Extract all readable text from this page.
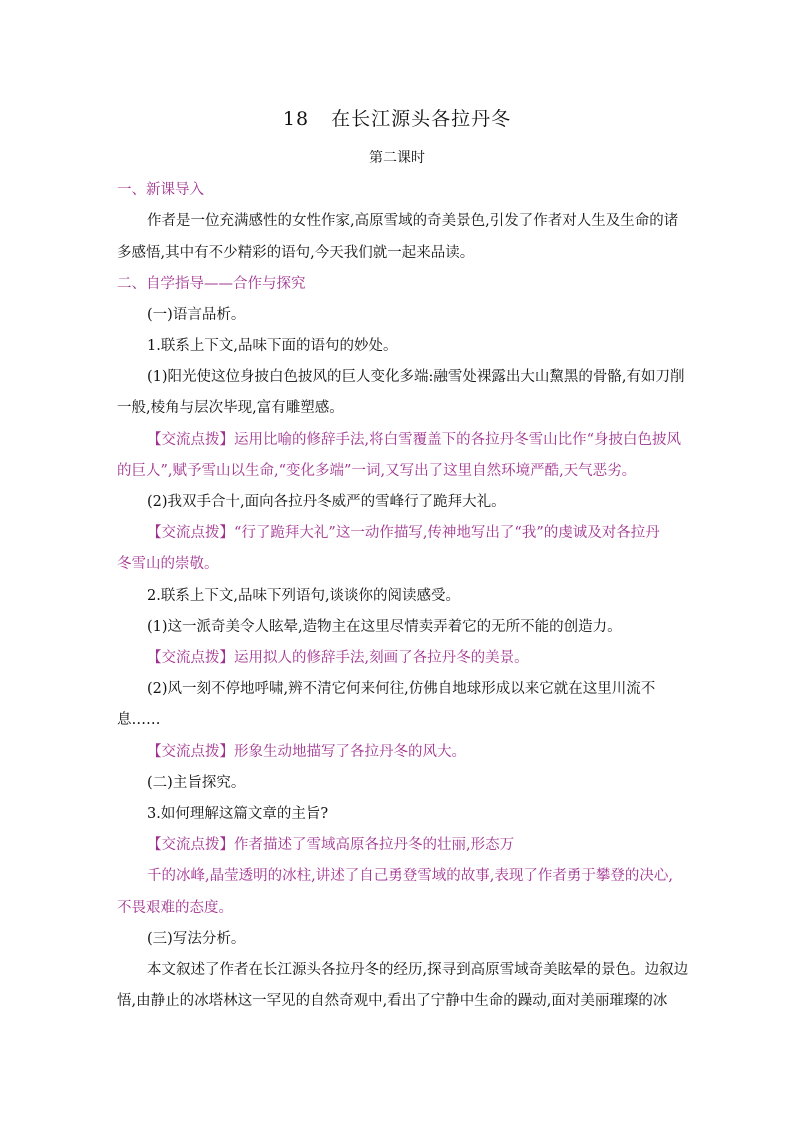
18 在长江源头各拉丹冬
第二课时
一、新课导入
作者是一位充满感性的女性作家,高原雪域的奇美景色,引发了作者对人生及生命的诸
多感悟,其中有不少精彩的语句,今天我们就一起来品读。
二、自学指导——合作与探究
(一)语言品析。
1.联系上下文,品味下面的语句的妙处。
(1)阳光使这位身披白色披风的巨人变化多端:融雪处裸露出大山黧黑的骨骼,有如刀削
一般,棱角与层次毕现,富有雕塑感。
【交流点拨】运用比喻的修辞手法,将白雪覆盖下的各拉丹冬雪山比作“身披白色披风
的巨人”,赋予雪山以生命,“变化多端”一词,又写出了这里自然环境严酷,天气恶劣。
(2)我双手合十,面向各拉丹冬威严的雪峰行了跪拜大礼。
【交流点拨】“行了跪拜大礼”这一动作描写,传神地写出了“我”的虔诚及对各拉丹
冬雪山的崇敬。
2.联系上下文,品味下列语句,谈谈你的阅读感受。
(1)这一派奇美令人眩晕,造物主在这里尽情卖弄着它的无所不能的创造力。
【交流点拨】运用拟人的修辞手法,刻画了各拉丹冬的美景。
(2)风一刻不停地呼啸,辨不清它何来何往,仿佛自地球形成以来它就在这里川流不
息……
【交流点拨】形象生动地描写了各拉丹冬的风大。
(二)主旨探究。
3.如何理解这篇文章的主旨?
【交流点拨】作者描述了雪域高原各拉丹冬的壮丽,形态万
千的冰峰,晶莹透明的冰柱,讲述了自己勇登雪域的故事,表现了作者勇于攀登的决心,
不畏艰难的态度。
(三)写法分析。
本文叙述了作者在长江源头各拉丹冬的经历,探寻到高原雪域奇美眩晕的景色。边叙边
悟,由静止的冰塔林这一罕见的自然奇观中,看出了宁静中生命的躁动,面对美丽璀璨的冰
